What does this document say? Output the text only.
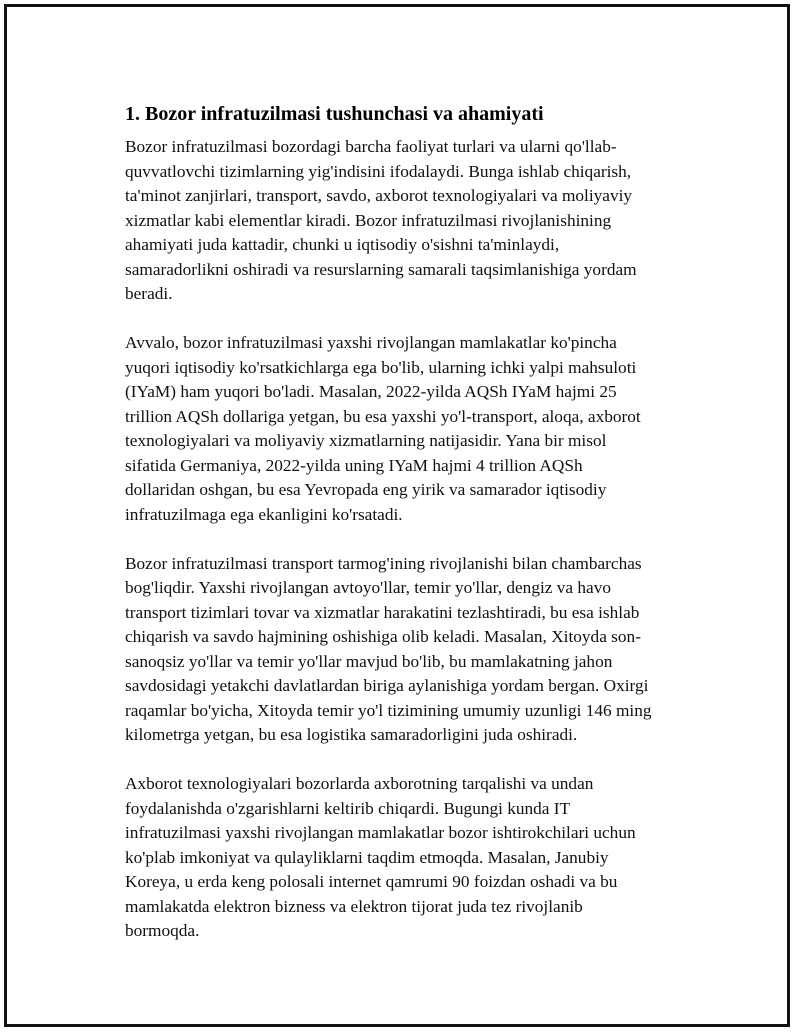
1. Bozor infratuzilmasi tushunchasi va ahamiyati

Bozor infratuzilmasi bozordagi barcha faoliyat turlari va ularni qo'llab-
quvvatlovchi tizimlarning yig'indisini ifodalaydi. Bunga ishlab chiqarish,
ta'minot zanjirlari, transport, savdo, axborot texnologiyalari va moliyaviy
xizmatlar kabi elementlar kiradi. Bozor infratuzilmasi rivojlanishining
ahamiyati juda kattadir, chunki u iqtisodiy o'sishni ta'minlaydi,
samaradorlikni oshiradi va resurslarning samarali taqsimlanishiga yordam
beradi.

Avvalo, bozor infratuzilmasi yaxshi rivojlangan mamlakatlar ko'pincha
yuqori iqtisodiy ko'rsatkichlarga ega bo'lib, ularning ichki yalpi mahsuloti
(IYaM) ham yuqori bo'ladi. Masalan, 2022-yilda AQSh IYaM hajmi 25
trillion AQSh dollariga yetgan, bu esa yaxshi yo'l-transport, aloqa, axborot
texnologiyalari va moliyaviy xizmatlarning natijasidir. Yana bir misol
sifatida Germaniya, 2022-yilda uning IYaM hajmi 4 trillion AQSh
dollaridan oshgan, bu esa Yevropada eng yirik va samarador iqtisodiy
infratuzilmaga ega ekanligini ko'rsatadi.

Bozor infratuzilmasi transport tarmog'ining rivojlanishi bilan chambarchas
bog'liqdir. Yaxshi rivojlangan avtoyo'llar, temir yo'llar, dengiz va havo
transport tizimlari tovar va xizmatlar harakatini tezlashtiradi, bu esa ishlab
chiqarish va savdo hajmining oshishiga olib keladi. Masalan, Xitoyda son-
sanoqsiz yo'llar va temir yo'llar mavjud bo'lib, bu mamlakatning jahon
savdosidagi yetakchi davlatlardan biriga aylanishiga yordam bergan. Oxirgi
raqamlar bo'yicha, Xitoyda temir yo'l tizimining umumiy uzunligi 146 ming
kilometrga yetgan, bu esa logistika samaradorligini juda oshiradi.

Axborot texnologiyalari bozorlarda axborotning tarqalishi va undan
foydalanishda o'zgarishlarni keltirib chiqardi. Bugungi kunda IT
infratuzilmasi yaxshi rivojlangan mamlakatlar bozor ishtirokchilari uchun
ko'plab imkoniyat va qulayliklarni taqdim etmoqda. Masalan, Janubiy
Koreya, u erda keng polosali internet qamrumi 90 foizdan oshadi va bu
mamlakatda elektron bizness va elektron tijorat juda tez rivojlanib
bormoqda.
